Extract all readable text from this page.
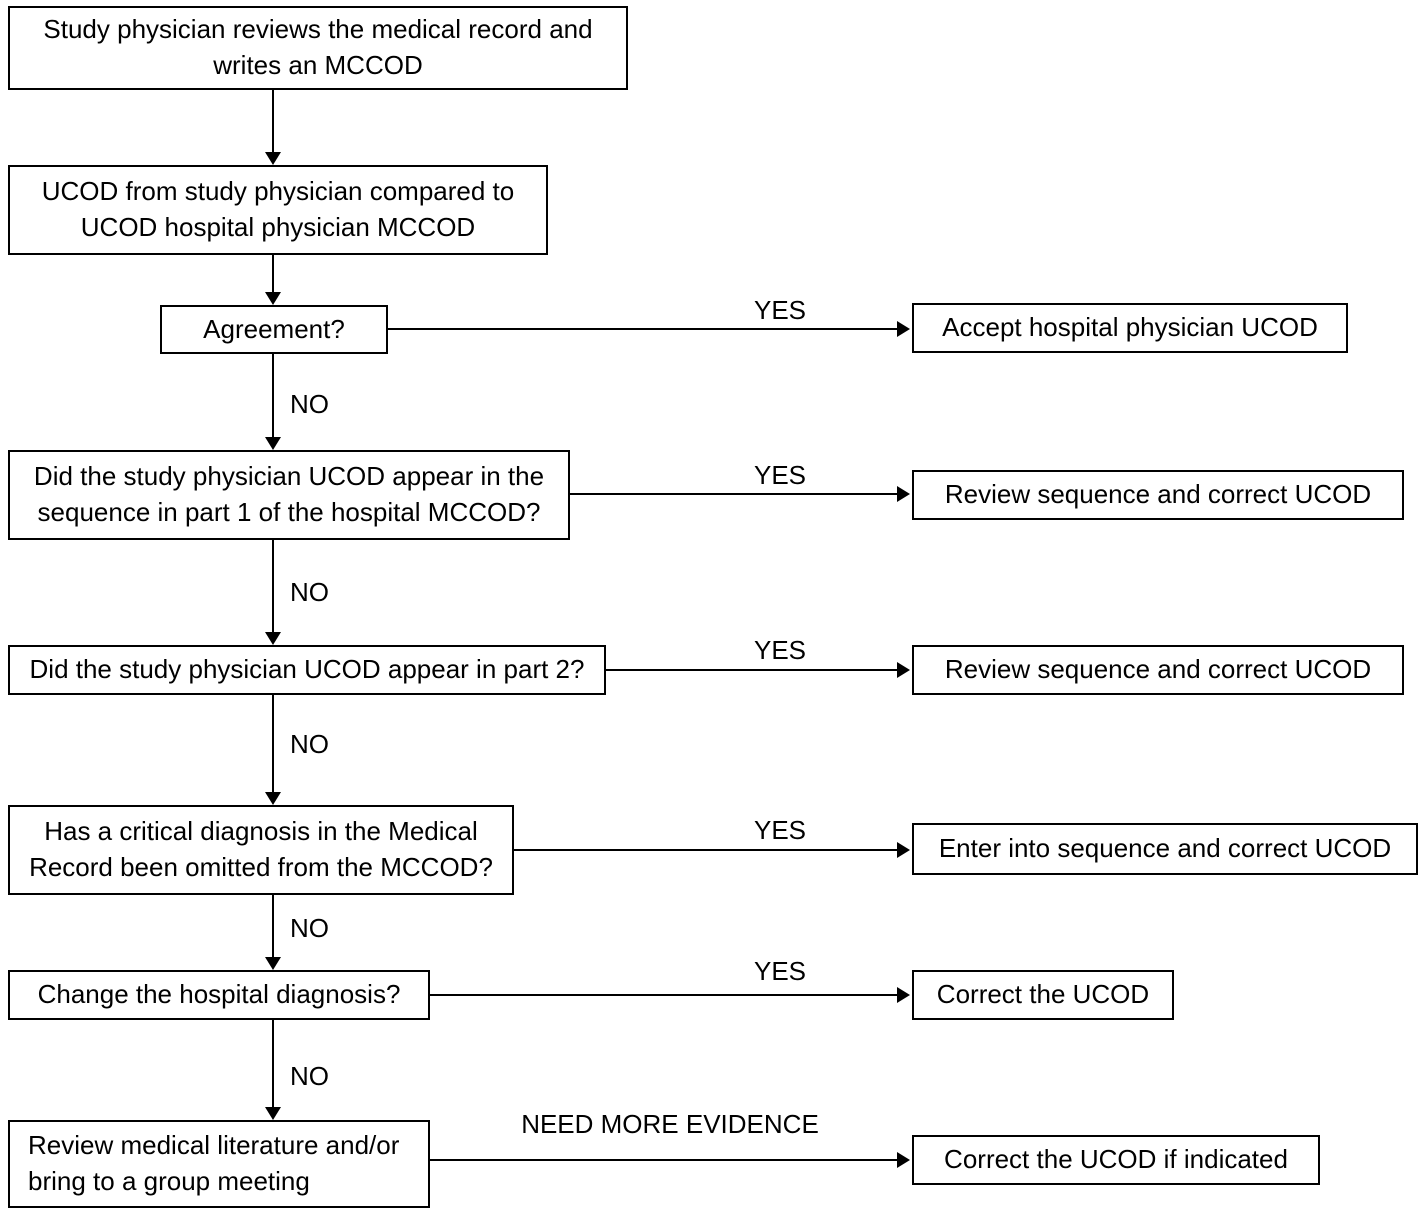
Study physician reviews the medical record and writes an MCCOD
UCOD from study physician compared to UCOD hospital physician MCCOD
Agreement?
Did the study physician UCOD appear in the sequence in part 1 of the hospital MCCOD?
Did the study physician UCOD appear in part 2?
Has a critical diagnosis in the Medical Record been omitted from the MCCOD?
Change the hospital diagnosis?
Review medical literature and/or bring to a group meeting
Accept hospital physician UCOD
Review sequence and correct UCOD
Review sequence and correct UCOD
Enter into sequence and correct UCOD
Correct the UCOD
Correct the UCOD if indicated
YES
YES
YES
YES
YES
NEED MORE EVIDENCE
NO
NO
NO
NO
NO
